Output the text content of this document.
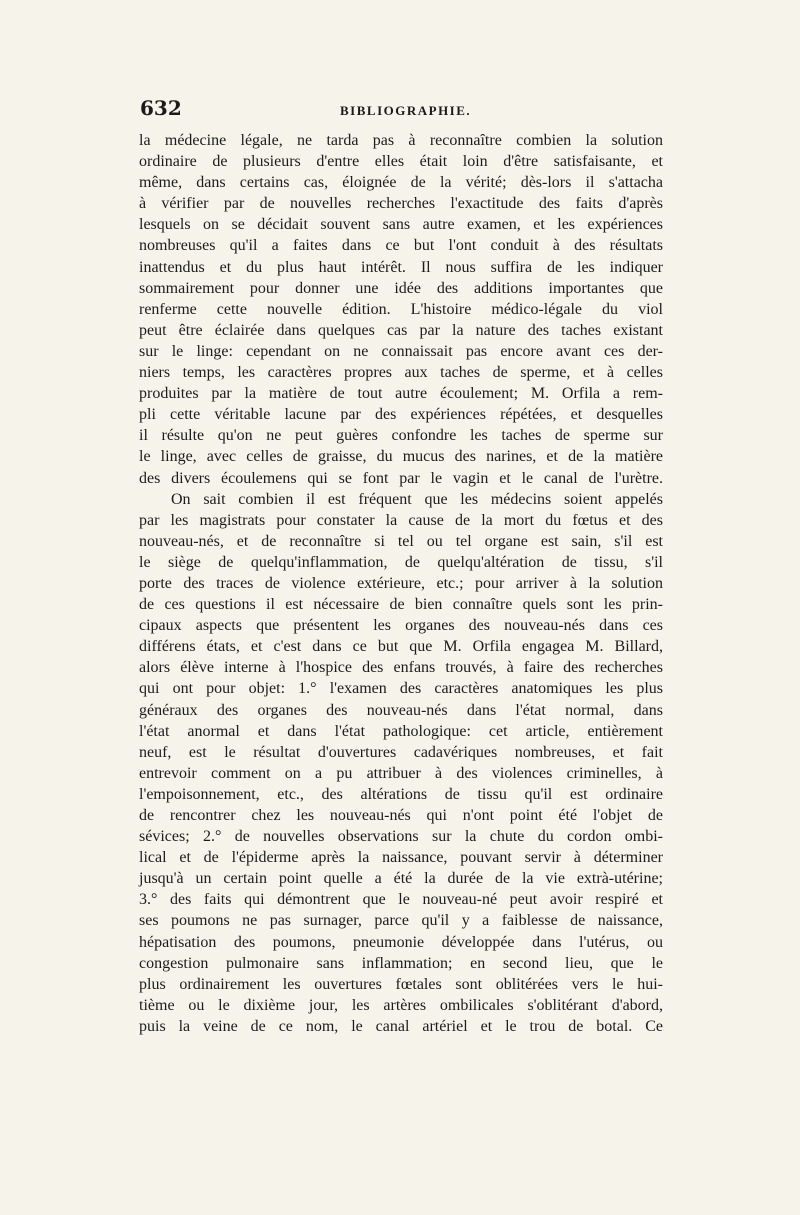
632	BIBLIOGRAPHIE.
la médecine légale, ne tarda pas à reconnaître combien la solution
ordinaire de plusieurs d'entre elles était loin d'être satisfaisante, et
même, dans certains cas, éloignée de la vérité; dès-lors il s'attacha
à vérifier par de nouvelles recherches l'exactitude des faits d'après
lesquels on se décidait souvent sans autre examen, et les expériences
nombreuses qu'il a faites dans ce but l'ont conduit à des résultats
inattendus et du plus haut intérêt. Il nous suffira de les indiquer
sommairement pour donner une idée des additions importantes que
renferme cette nouvelle édition. L'histoire médico-légale du viol
peut être éclairée dans quelques cas par la nature des taches existant
sur le linge: cependant on ne connaissait pas encore avant ces der-
niers temps, les caractères propres aux taches de sperme, et à celles
produites par la matière de tout autre écoulement; M. Orfila a rem-
pli cette véritable lacune par des expériences répétées, et desquelles
il résulte qu'on ne peut guères confondre les taches de sperme sur
le linge, avec celles de graisse, du mucus des narines, et de la matière
des divers écoulemens qui se font par le vagin et le canal de l'urètre.
On sait combien il est fréquent que les médecins soient appelés
par les magistrats pour constater la cause de la mort du fœtus et des
nouveau-nés, et de reconnaître si tel ou tel organe est sain, s'il est
le siège de quelqu'inflammation, de quelqu'altération de tissu, s'il
porte des traces de violence extérieure, etc.; pour arriver à la solution
de ces questions il est nécessaire de bien connaître quels sont les prin-
cipaux aspects que présentent les organes des nouveau-nés dans ces
différens états, et c'est dans ce but que M. Orfila engagea M. Billard,
alors élève interne à l'hospice des enfans trouvés, à faire des recherches
qui ont pour objet: 1.° l'examen des caractères anatomiques les plus
généraux des organes des nouveau-nés dans l'état normal, dans
l'état anormal et dans l'état pathologique: cet article, entièrement
neuf, est le résultat d'ouvertures cadavériques nombreuses, et fait
entrevoir comment on a pu attribuer à des violences criminelles, à
l'empoisonnement, etc., des altérations de tissu qu'il est ordinaire
de rencontrer chez les nouveau-nés qui n'ont point été l'objet de
sévices; 2.° de nouvelles observations sur la chute du cordon ombi-
lical et de l'épiderme après la naissance, pouvant servir à déterminer
jusqu'à un certain point quelle a été la durée de la vie extrà-utérine;
3.° des faits qui démontrent que le nouveau-né peut avoir respiré et
ses poumons ne pas surnager, parce qu'il y a faiblesse de naissance,
hépatisation des poumons, pneumonie développée dans l'utérus, ou
congestion pulmonaire sans inflammation; en second lieu, que le
plus ordinairement les ouvertures fœtales sont oblitérées vers le hui-
tième ou le dixième jour, les artères ombilicales s'oblitérant d'abord,
puis la veine de ce nom, le canal artériel et le trou de botal. Ce
